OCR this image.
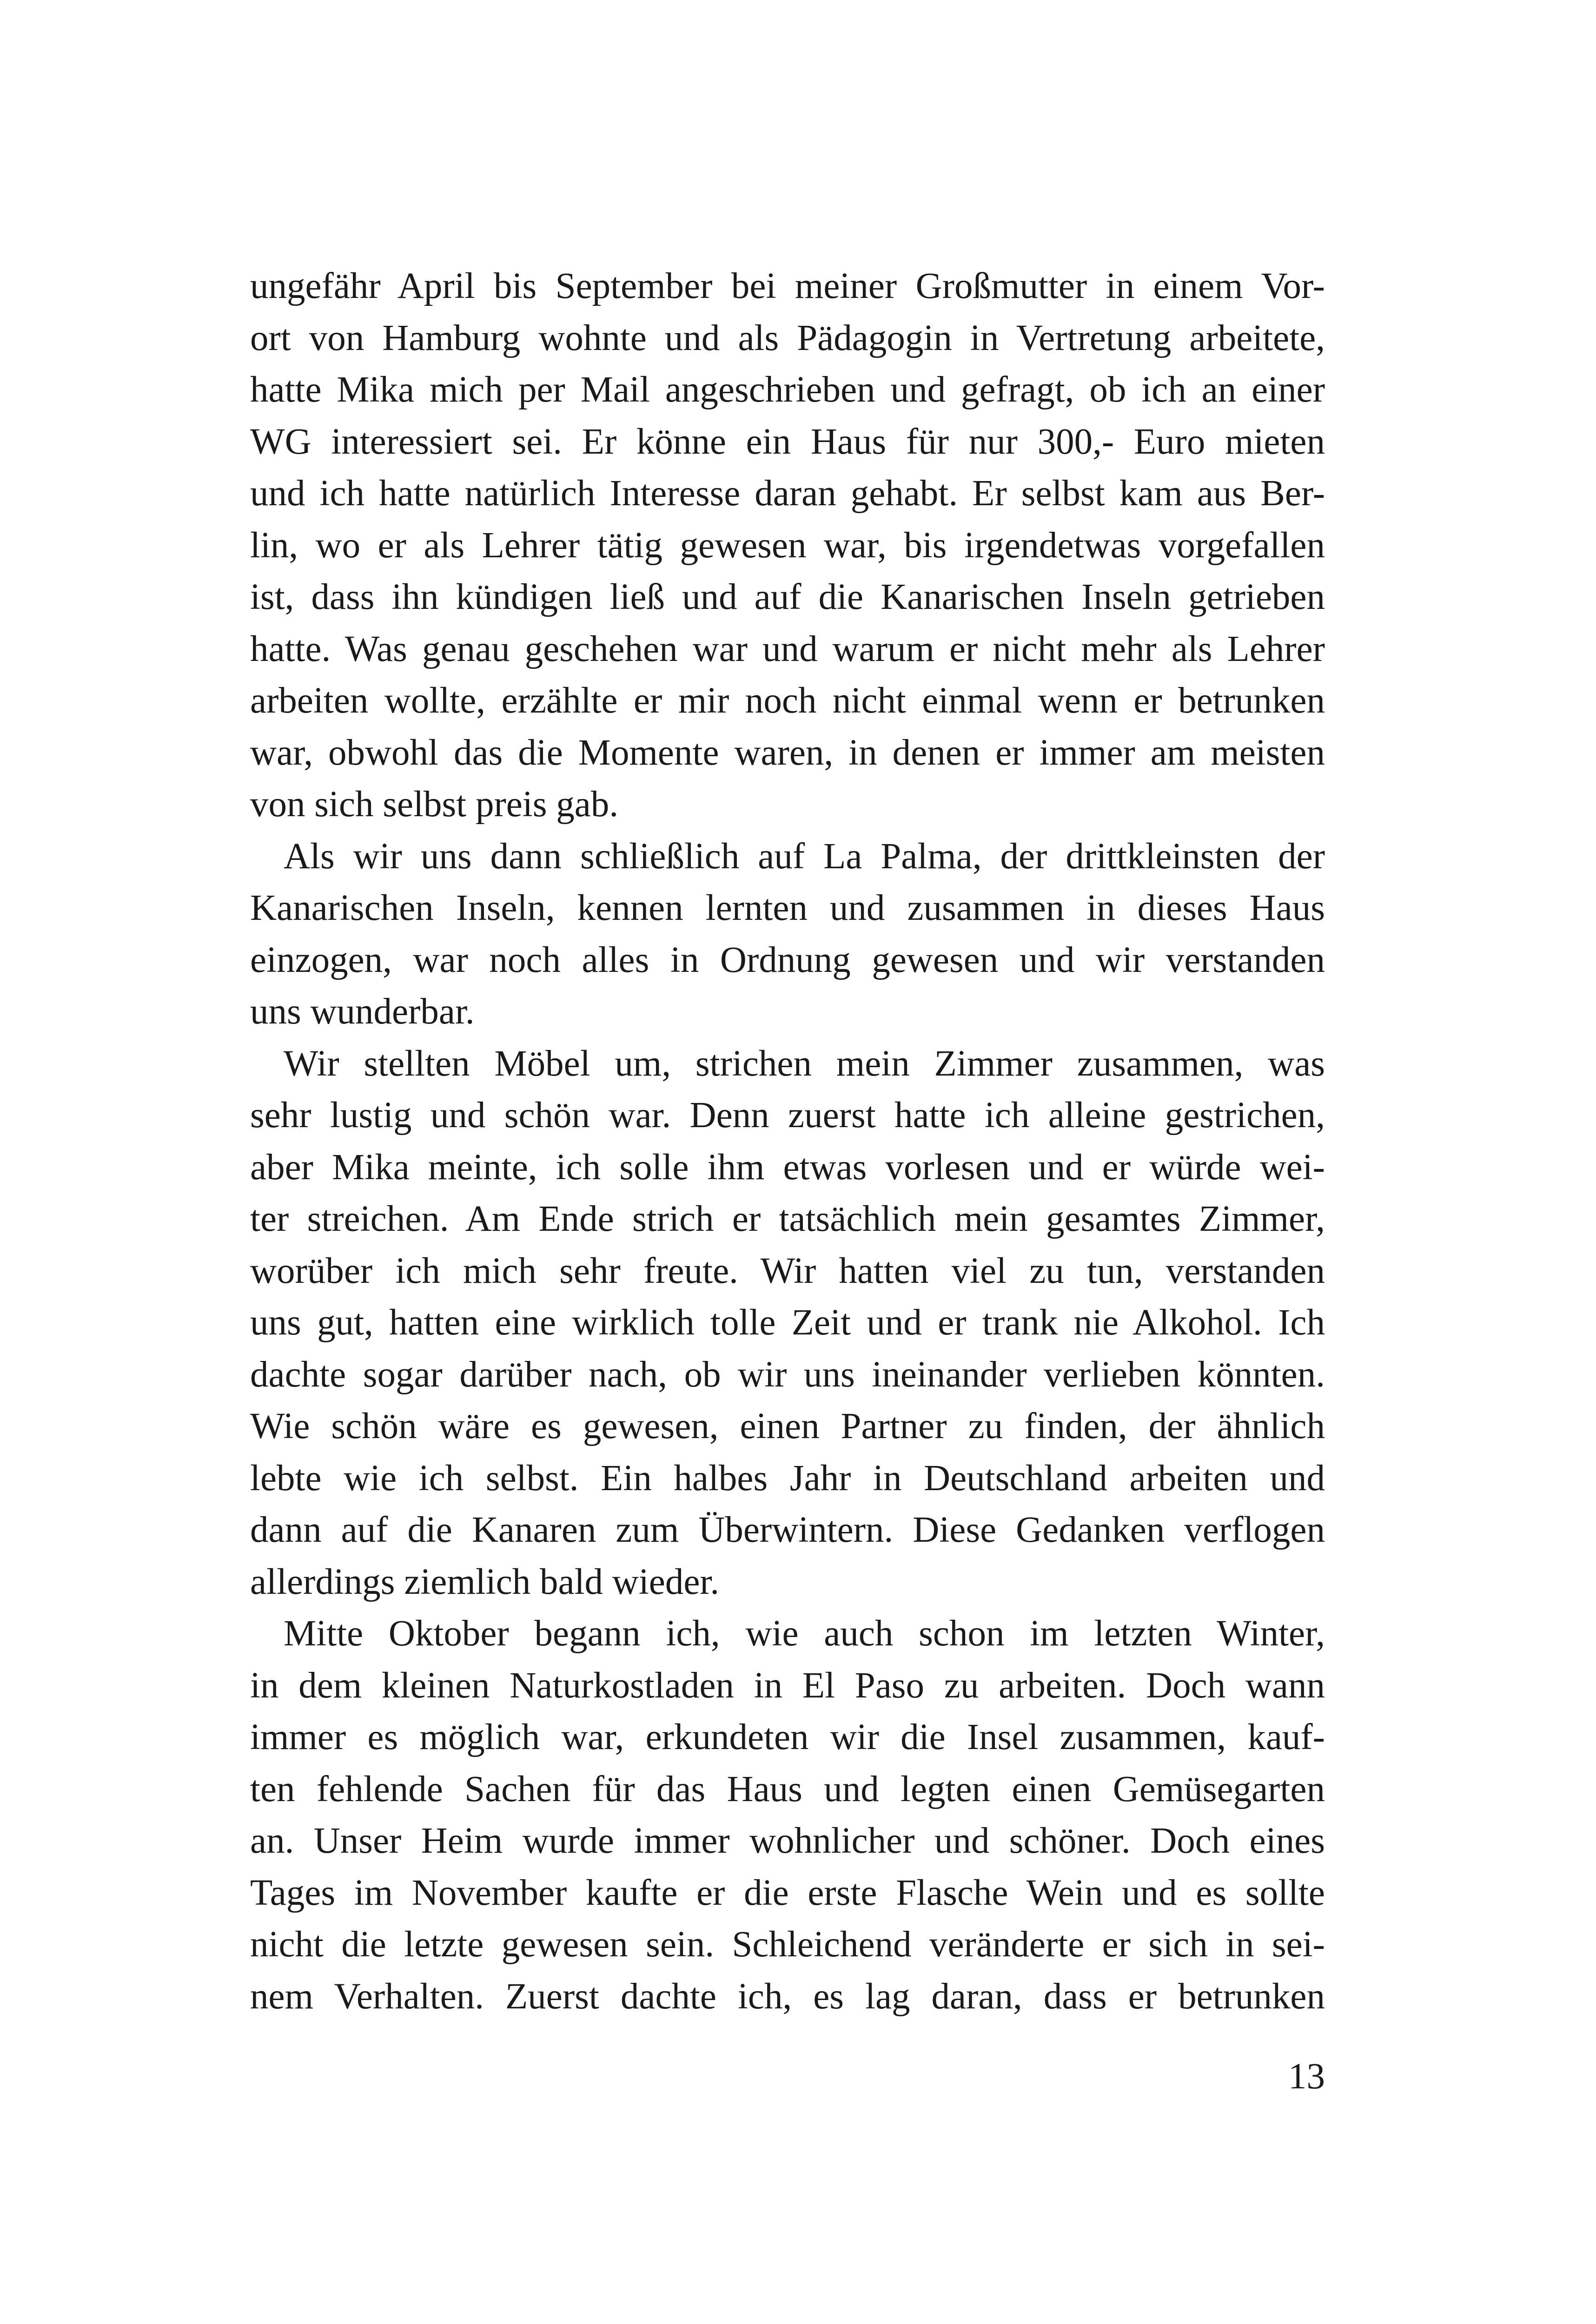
ungefähr April bis September bei meiner Großmutter in einem Vor-
ort von Hamburg wohnte und als Pädagogin in Vertretung arbeitete,
hatte Mika mich per Mail angeschrieben und gefragt, ob ich an einer
WG interessiert sei. Er könne ein Haus für nur 300,- Euro mieten
und ich hatte natürlich Interesse daran gehabt. Er selbst kam aus Ber-
lin, wo er als Lehrer tätig gewesen war, bis irgendetwas vorgefallen
ist, dass ihn kündigen ließ und auf die Kanarischen Inseln getrieben
hatte. Was genau geschehen war und warum er nicht mehr als Lehrer
arbeiten wollte, erzählte er mir noch nicht einmal wenn er betrunken
war, obwohl das die Momente waren, in denen er immer am meisten
von sich selbst preis gab.
Als wir uns dann schließlich auf La Palma, der drittkleinsten der
Kanarischen Inseln, kennen lernten und zusammen in dieses Haus
einzogen, war noch alles in Ordnung gewesen und wir verstanden
uns wunderbar.
Wir stellten Möbel um, strichen mein Zimmer zusammen, was
sehr lustig und schön war. Denn zuerst hatte ich alleine gestrichen,
aber Mika meinte, ich solle ihm etwas vorlesen und er würde wei-
ter streichen. Am Ende strich er tatsächlich mein gesamtes Zimmer,
worüber ich mich sehr freute. Wir hatten viel zu tun, verstanden
uns gut, hatten eine wirklich tolle Zeit und er trank nie Alkohol. Ich
dachte sogar darüber nach, ob wir uns ineinander verlieben könnten.
Wie schön wäre es gewesen, einen Partner zu finden, der ähnlich
lebte wie ich selbst. Ein halbes Jahr in Deutschland arbeiten und
dann auf die Kanaren zum Überwintern. Diese Gedanken verflogen
allerdings ziemlich bald wieder.
Mitte Oktober begann ich, wie auch schon im letzten Winter,
in dem kleinen Naturkostladen in El Paso zu arbeiten. Doch wann
immer es möglich war, erkundeten wir die Insel zusammen, kauf-
ten fehlende Sachen für das Haus und legten einen Gemüsegarten
an. Unser Heim wurde immer wohnlicher und schöner. Doch eines
Tages im November kaufte er die erste Flasche Wein und es sollte
nicht die letzte gewesen sein. Schleichend veränderte er sich in sei-
nem Verhalten. Zuerst dachte ich, es lag daran, dass er betrunken
13
